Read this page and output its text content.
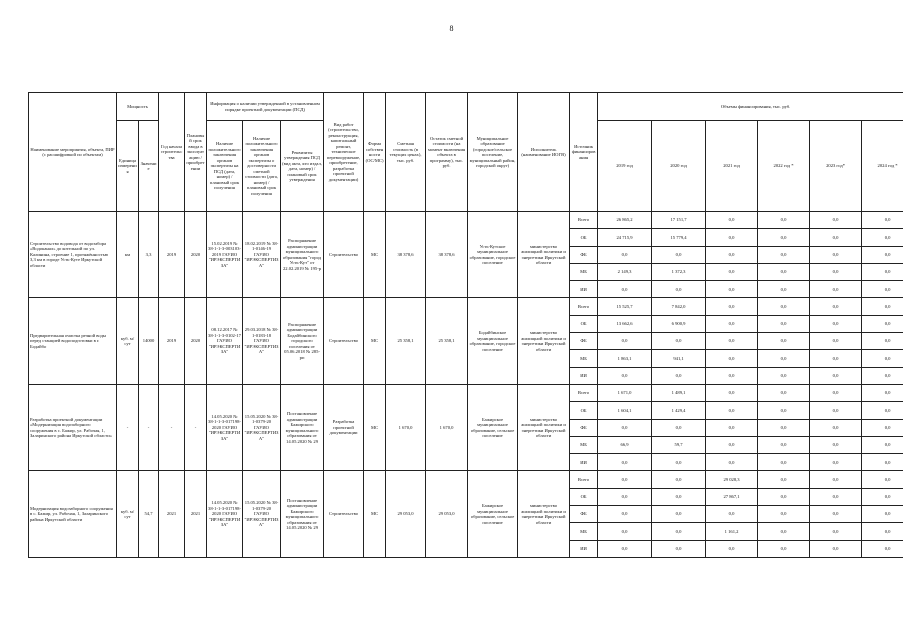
8
Наименование мероприятия, объекта, ПИР (с расшифровкой по объектам)	Мощность		Год начала строительства	Плановый срок ввода в эксплуатацию / приобретении	Информация о наличии утвержденной в установленном порядке проектной документации (ПСД)			Вид работ (строительство, реконструкция, капитальный ремонт, техническое перевооружение, приобретение, разработка проектной документации)	Форма собственности (ОС/МС)	Сметная стоимость (в текущих ценах), тыс. руб.	Остаток сметной стоимости (на момент включения объекта в программу), тыс. руб.	Муниципальное образование (городское/сельское поселение, муниципальный район, городской округ)	Исполнитель (наименование ИОГВ)	Источник финансирования	Объемы финансирования, тыс. руб.					
	Единица измерения	Значение			Наличие положительного заключения органов экспертизы на ПСД (дата, номер) / плановый срок получения	Наличие положительного заключения органов экспертизы о достоверности сметной стоимости (дата, номер) / плановый срок получения	Реквизиты утверждения ПСД (вид акта, кто издал, дата, номер) / плановый срок утверждения								2019 год	2020 год	2021 год	2022 год *	2023 год*	2024 год *
Строительство водовода от водозабора «Водоканал» до котельной по ул. Калинина, строение 1, протяжённостью 3,3 км в городе Усть-Куте Иркутской области	км	3,3	2019	2020	15.02.2019 № 38-1-1-3-003103-2019 ГАУИО "ИРЭКСПЕРТИЗА"	18.02.2019 № 38-1-0146-19 ГАУИО "ИРЭКСПЕРТИЗА"	Распоряжение администрации муниципального образования "город Усть-Кут" от 22.02.2019 № 195-р	Строительство	МС	38 378,6	38 378,6	Усть-Кутское муниципальное образование, городское поселение	министерство жилищной политики и энергетики Иркутской области	Всего	26 865,2	17 151,7	0,0	0,0	0,0	0,0
														ОБ	24 715,9	15 779,4	0,0	0,0	0,0	0,0
														ФБ	0,0	0,0	0,0	0,0	0,0	0,0
														МБ	2 149,3	1 372,3	0,0	0,0	0,0	0,0
														ИИ	0,0	0,0	0,0	0,0	0,0	0,0
Предварительная очистка речной воды перед станцией водоподготовки в г. Бодайбо	куб. м/сут	14000	2019	2020	08.12.2017 № 38-1-1-3-0102-17 ГАУИО "ИРЭКСПЕРТИЗА"	29.03.2018 № 38-1-0183-18 ГАУИО "ИРЭКСПЕРТИЗА"	Распоряжение администрации Бодайбинского городского поселения от 05.06.2018 № 285-рп	Строительство	МС	25 358,1	25 358,1	Бодайбинское муниципальное образование, городское поселение	министерство жилищной политики и энергетики Иркутской области	Всего	15 525,7	7 842,0	0,0	0,0	0,0	0,0
														ОБ	13 662,6	6 900,9	0,0	0,0	0,0	0,0
														ФБ	0,0	0,0	0,0	0,0	0,0	0,0
														МБ	1 863,1	941,1	0,0	0,0	0,0	0,0
														ИИ	0,0	0,0	0,0	0,0	0,0	0,0
Разработка проектной документации «Модернизация водозаборного сооружения в с. Бажир, ул. Рабочая, 1, Заларинского района Иркутской области»	-	-	-	-	14.05.2020 № 38-1-1-3-017198-2020 ГАУИО "ИРЭКСПЕРТИЗА"	15.05.2020 № 38-1-0379-20 ГАУИО "ИРЭКСПЕРТИЗА"	Постановление администрации Бажирского муниципального образования от 14.05.2020 № 29	Разработка проектной документации	МС	1 670,0	1 670,0	Бажирское муниципальное образование, сельское поселение	министерство жилищной политики и энергетики Иркутской области	Всего	1 671,0	1 489,1	0,0	0,0	0,0	0,0
														ОБ	1 604,1	1 429,4	0,0	0,0	0,0	0,0
														ФБ	0,0	0,0	0,0	0,0	0,0	0,0
														МБ	66,9	59,7	0,0	0,0	0,0	0,0
														ИИ	0,0	0,0	0,0	0,0	0,0	0,0
Модернизация водозаборного сооружения в с. Бажир, ул. Рабочая, 1, Заларинского района Иркутской области	куб. м/сут	54,7	2021	2021	14.05.2020 № 38-1-1-3-017198-2020 ГАУИО "ИРЭКСПЕРТИЗА"	15.05.2020 № 38-1-0379-20 ГАУИО "ИРЭКСПЕРТИЗА"	Постановление администрации Бажирского муниципального образования от 14.05.2020 № 29	Строительство	МС	29 053,0	29 053,0	Бажирское муниципальное образование, сельское поселение	министерство жилищной политики и энергетики Иркутской области	Всего	0,0	0,0	29 028,3	0,0	0,0	0,0
														ОБ	0,0	0,0	27 867,1	0,0	0,0	0,0
														ФБ	0,0	0,0	0,0	0,0	0,0	0,0
														МБ	0,0	0,0	1 161,2	0,0	0,0	0,0
														ИИ	0,0	0,0	0,0	0,0	0,0	0,0
